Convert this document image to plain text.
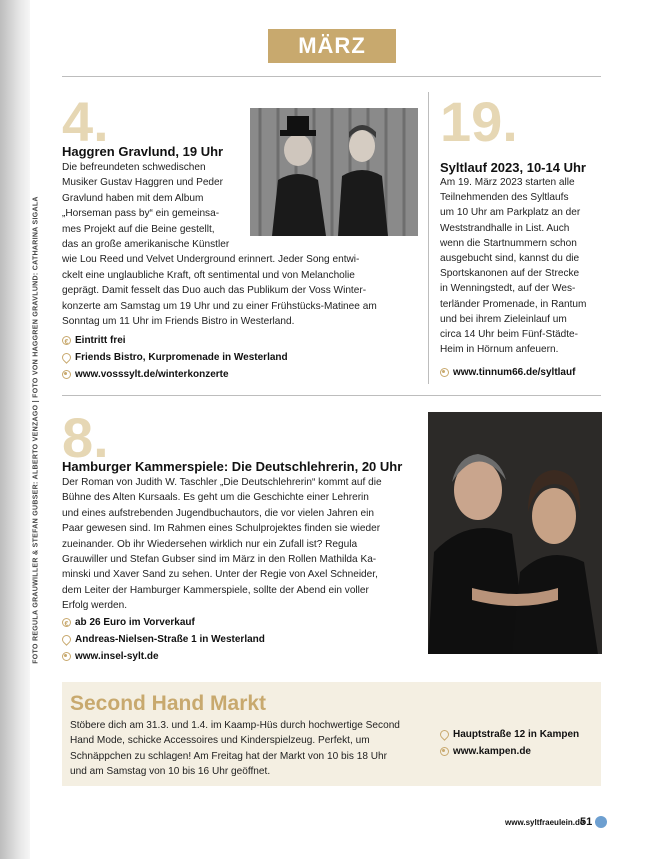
FOTO REGULA GRAUWILLER & STEFAN GUBSER: ALBERTO VENZAGO | FOTO VON HAGGREN GRAVLUND: CATHARINA SIGALA
MÄRZ
4.
Haggren Gravlund, 19 Uhr
Die befreundeten schwedischen
Musiker Gustav Haggren und Peder
Gravlund haben mit dem Album
„Horseman pass by“ ein gemeinsa-
mes Projekt auf die Beine gestellt,
das an große amerikanische Künstler
wie Lou Reed und Velvet Underground erinnert. Jeder Song entwi-
ckelt eine unglaubliche Kraft, oft sentimental und von Melancholie
geprägt. Damit fesselt das Duo auch das Publikum der Voss Winter-
konzerte am Samstag um 19 Uhr und zu einer Frühstücks-Matinee am
Sonntag um 11 Uhr im Friends Bistro in Westerland.
€
Eintritt frei
Friends Bistro, Kurpromenade in Westerland
www.vosssylt.de/winterkonzerte
19.
Syltlauf 2023, 10-14 Uhr
Am 19. März 2023 starten alle
Teilnehmenden des Syltlaufs
um 10 Uhr am Parkplatz an der
Weststrandhalle in List. Auch
wenn die Startnummern schon
ausgebucht sind, kannst du die
Sportskanonen auf der Strecke
in Wenningstedt, auf der Wes-
terländer Promenade, in Rantum
und bei ihrem Zieleinlauf um
circa 14 Uhr beim Fünf-Städte-
Heim in Hörnum anfeuern.
www.tinnum66.de/syltlauf
8.
Hamburger Kammerspiele: Die Deutschlehrerin, 20 Uhr
Der Roman von Judith W. Taschler „Die Deutschlehrerin“ kommt auf die
Bühne des Alten Kursaals. Es geht um die Geschichte einer Lehrerin
und eines aufstrebenden Jugendbuchautors, die vor vielen Jahren ein
Paar gewesen sind. Im Rahmen eines Schulprojektes finden sie wieder
zueinander. Ob ihr Wiedersehen wirklich nur ein Zufall ist? Regula
Grauwiller und Stefan Gubser sind im März in den Rollen Mathilda Ka-
minski und Xaver Sand zu sehen. Unter der Regie von Axel Schneider,
dem Leiter der Hamburger Kammerspiele, sollte der Abend ein voller
Erfolg werden.
€
ab 26 Euro im Vorverkauf
Andreas-Nielsen-Straße 1 in Westerland
www.insel-sylt.de
Second Hand Markt
Stöbere dich am 31.3. und 1.4. im Kaamp-Hüs durch hochwertige Second
Hand Mode, schicke Accessoires und Kinderspielzeug. Perfekt, um
Schnäppchen zu schlagen! Am Freitag hat der Markt von 10 bis 18 Uhr
und am Samstag von 10 bis 16 Uhr geöffnet.
Hauptstraße 12 in Kampen
www.kampen.de
www.syltfraeulein.de
51
